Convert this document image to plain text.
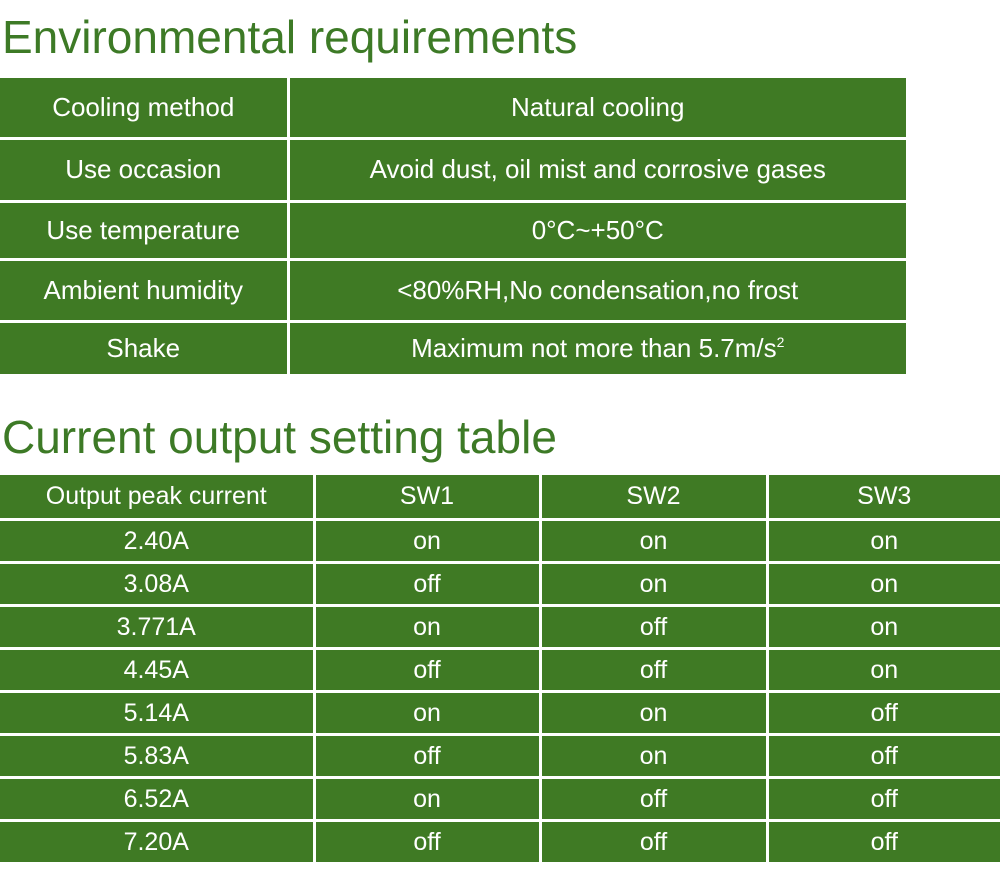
Environmental requirements
Cooling method	Natural cooling
Use occasion	Avoid dust, oil mist and corrosive gases
Use temperature	0°C~+50°C
Ambient humidity	<80%RH,No condensation,no frost
Shake	Maximum not more than $5.7m/s^2$
Current output setting table
Output peak current	SW1	SW2	SW3
2.40A	on	on	on
3.08A	off	on	on
3.771A	on	off	on
4.45A	off	off	on
5.14A	on	on	off
5.83A	off	on	off
6.52A	on	off	off
7.20A	off	off	off
